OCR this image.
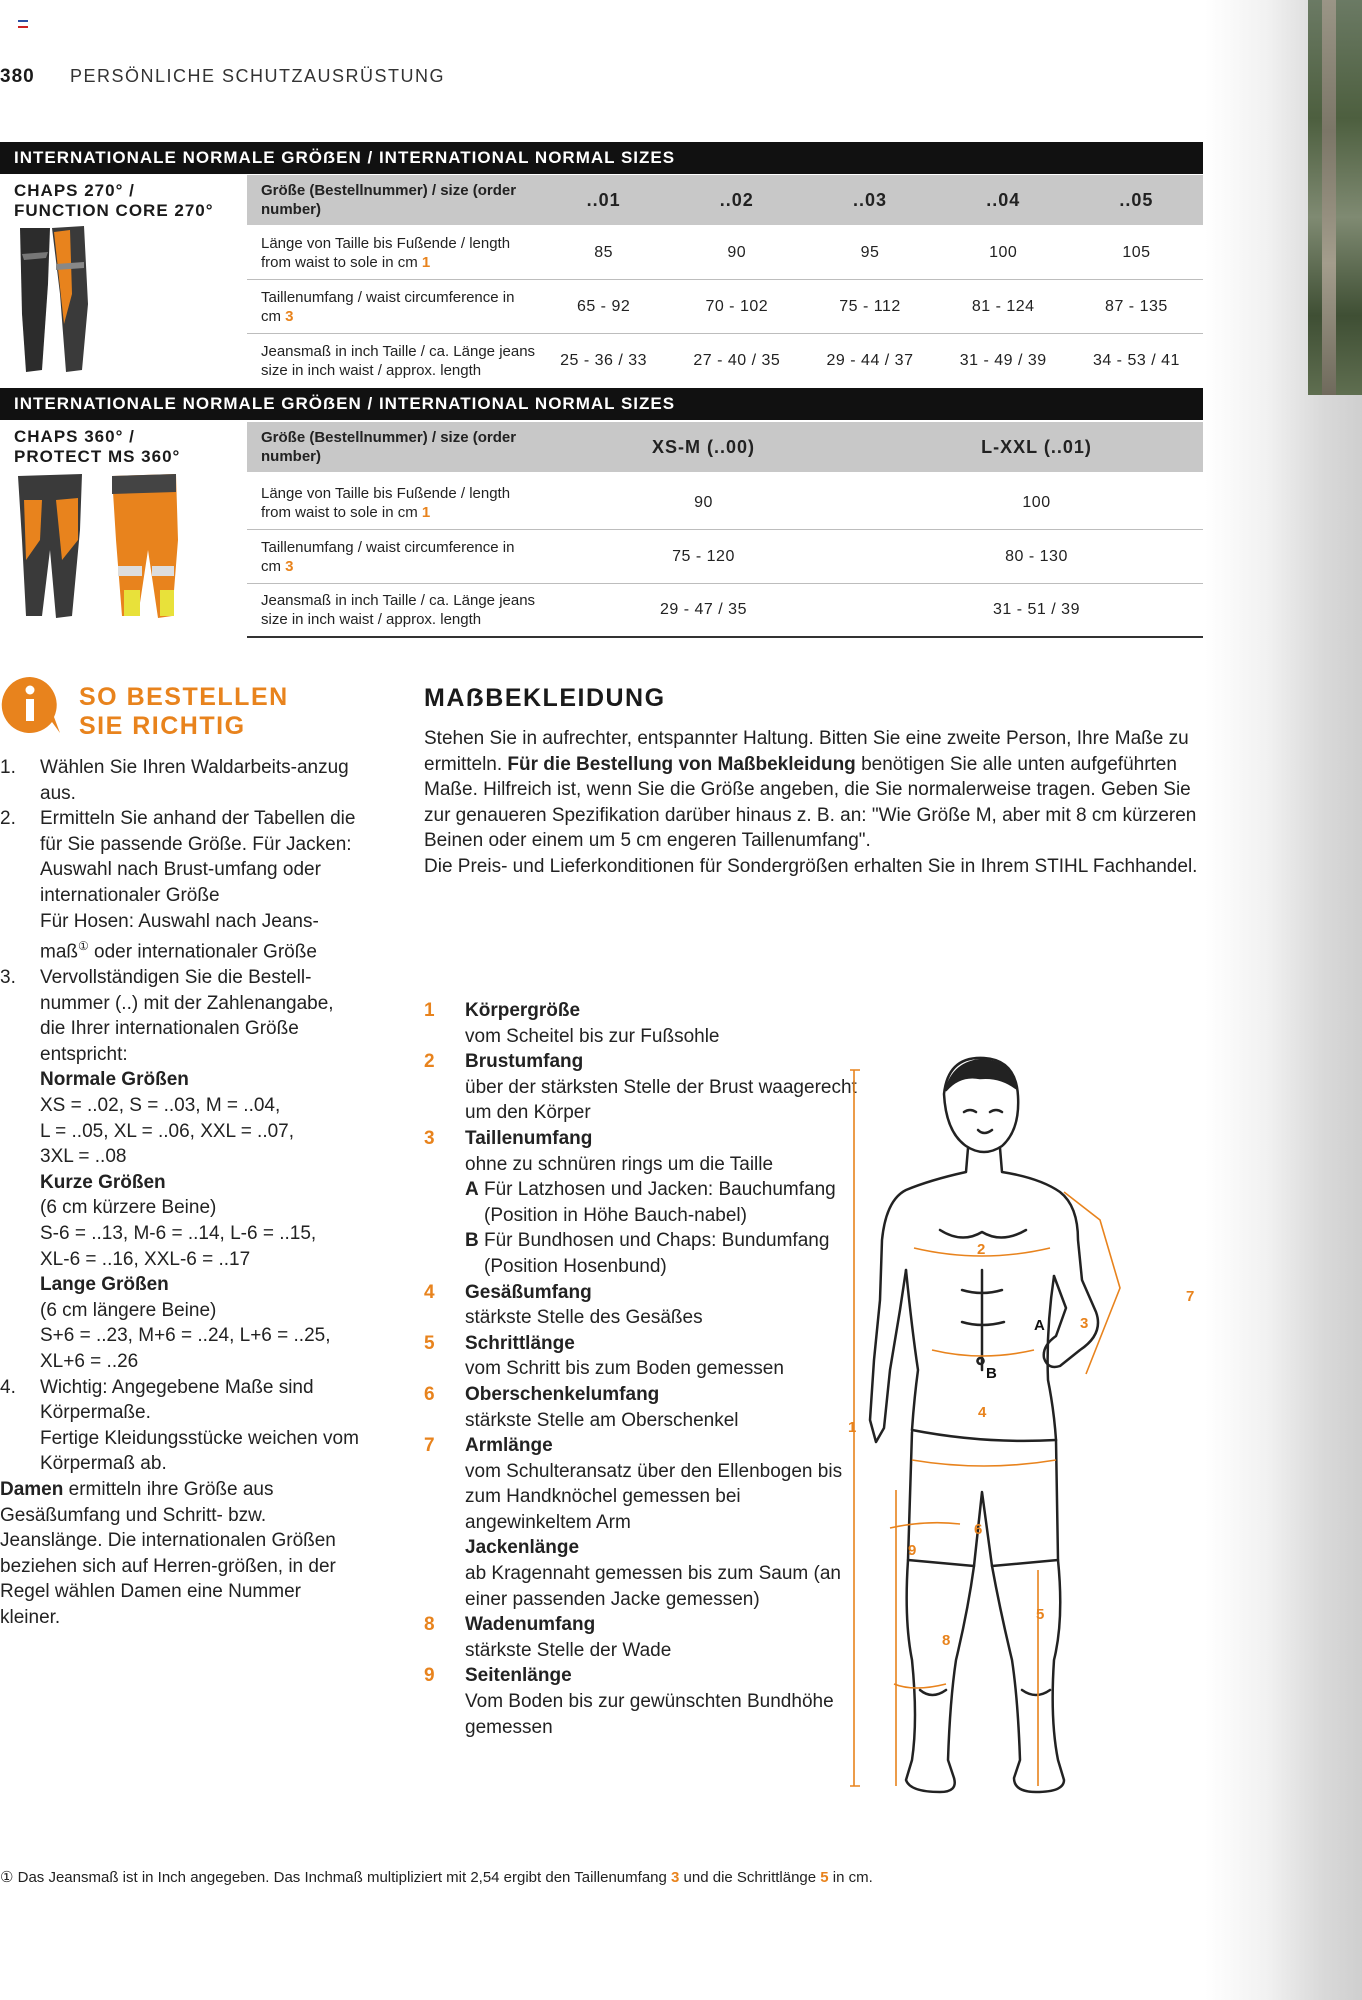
380 PERSÖNLICHE SCHUTZAUSRÜSTUNG
INTERNATIONALE NORMALE GRÖẞEN / INTERNATIONAL NORMAL SIZES
CHAPS 270° / FUNCTION CORE 270°
Größe (Bestellnummer) / size (order number)	..01	..02	..03	..04	..05
Länge von Taille bis Fußende / length from waist to sole in cm 1
85	90	95	100	105
Taillenumfang / waist circumference in cm 3
65 - 92	70 - 102	75 - 112	81 - 124	87 - 135
Jeansmaß in inch Taille / ca. Länge jeans size in inch waist / approx. length
25 - 36 / 33	27 - 40 / 35	29 - 44 / 37	31 - 49 / 39	34 - 53 / 41
INTERNATIONALE NORMALE GRÖẞEN / INTERNATIONAL NORMAL SIZES
CHAPS 360° / PROTECT MS 360°
Größe (Bestellnummer) / size (order number)	XS-M (..00)	L-XXL (..01)
Länge von Taille bis Fußende / length from waist to sole in cm 1
90	100
Taillenumfang / waist circumference in cm 3
75 - 120	80 - 130
Jeansmaß in inch Taille / ca. Länge jeans size in inch waist / approx. length
29 - 47 / 35	31 - 51 / 39
SO BESTELLEN
SIE RICHTIG
1.	Wählen Sie Ihren Waldarbeits-anzug aus.
2.	Ermitteln Sie anhand der Tabellen die für Sie passende Größe. Für Jacken: Auswahl nach Brust-umfang oder internationaler Größe
Für Hosen: Auswahl nach Jeans-maß① oder internationaler Größe
3.	Vervollständigen Sie die Bestell-nummer (..) mit der Zahlenangabe, die Ihrer internationalen Größe entspricht:
Normale Größen
XS = ..02, S = ..03, M = ..04,
L = ..05, XL = ..06, XXL = ..07,
3XL = ..08
Kurze Größen
(6 cm kürzere Beine)
S-6 = ..13, M-6 = ..14, L-6 = ..15,
XL-6 = ..16, XXL-6 = ..17
Lange Größen
(6 cm längere Beine)
S+6 = ..23, M+6 = ..24, L+6 = ..25,
XL+6 = ..26
4.	Wichtig: Angegebene Maße sind Körpermaße.
Fertige Kleidungsstücke weichen vom Körpermaß ab.
Damen ermitteln ihre Größe aus Gesäßumfang und Schritt- bzw. Jeanslänge. Die internationalen Größen beziehen sich auf Herren-größen, in der Regel wählen Damen eine Nummer kleiner.
MAẞBEKLEIDUNG
Stehen Sie in aufrechter, entspannter Haltung. Bitten Sie eine zweite Person, Ihre Maße zu ermitteln. Für die Bestellung von Maßbekleidung benötigen Sie alle unten aufgeführten Maße. Hilfreich ist, wenn Sie die Größe angeben, die Sie normalerweise tragen. Geben Sie zur genaueren Spezifikation darüber hinaus z. B. an: "Wie Größe M, aber mit 8 cm kürzeren Beinen oder einem um 5 cm engeren Taillenumfang".
Die Preis- und Lieferkonditionen für Sondergrößen erhalten Sie in Ihrem STIHL Fachhandel.
1	Körpergröße
vom Scheitel bis zur Fußsohle
2	Brustumfang
über der stärksten Stelle der Brust waagerecht um den Körper
3	Taillenumfang
ohne zu schnüren rings um die Taille
A Für Latzhosen und Jacken: Bauchumfang (Position in Höhe Bauch-nabel)
B Für Bundhosen und Chaps: Bundumfang (Position Hosenbund)
4	Gesäßumfang
stärkste Stelle des Gesäßes
5	Schrittlänge
vom Schritt bis zum Boden gemessen
6	Oberschenkelumfang
stärkste Stelle am Oberschenkel
7	Armlänge
vom Schulteransatz über den Ellenbogen bis zum Handknöchel gemessen bei angewinkeltem Arm
Jackenlänge
ab Kragennaht gemessen bis zum Saum (an einer passenden Jacke gemessen)
8	Wadenumfang
stärkste Stelle der Wade
9	Seitenlänge
Vom Boden bis zur gewünschten Bundhöhe gemessen
1
2
3
4
5
6
7
8
9
A
B
① Das Jeansmaß ist in Inch angegeben. Das Inchmaß multipliziert mit 2,54 ergibt den Taillenumfang 3 und die Schrittlänge 5 in cm.
